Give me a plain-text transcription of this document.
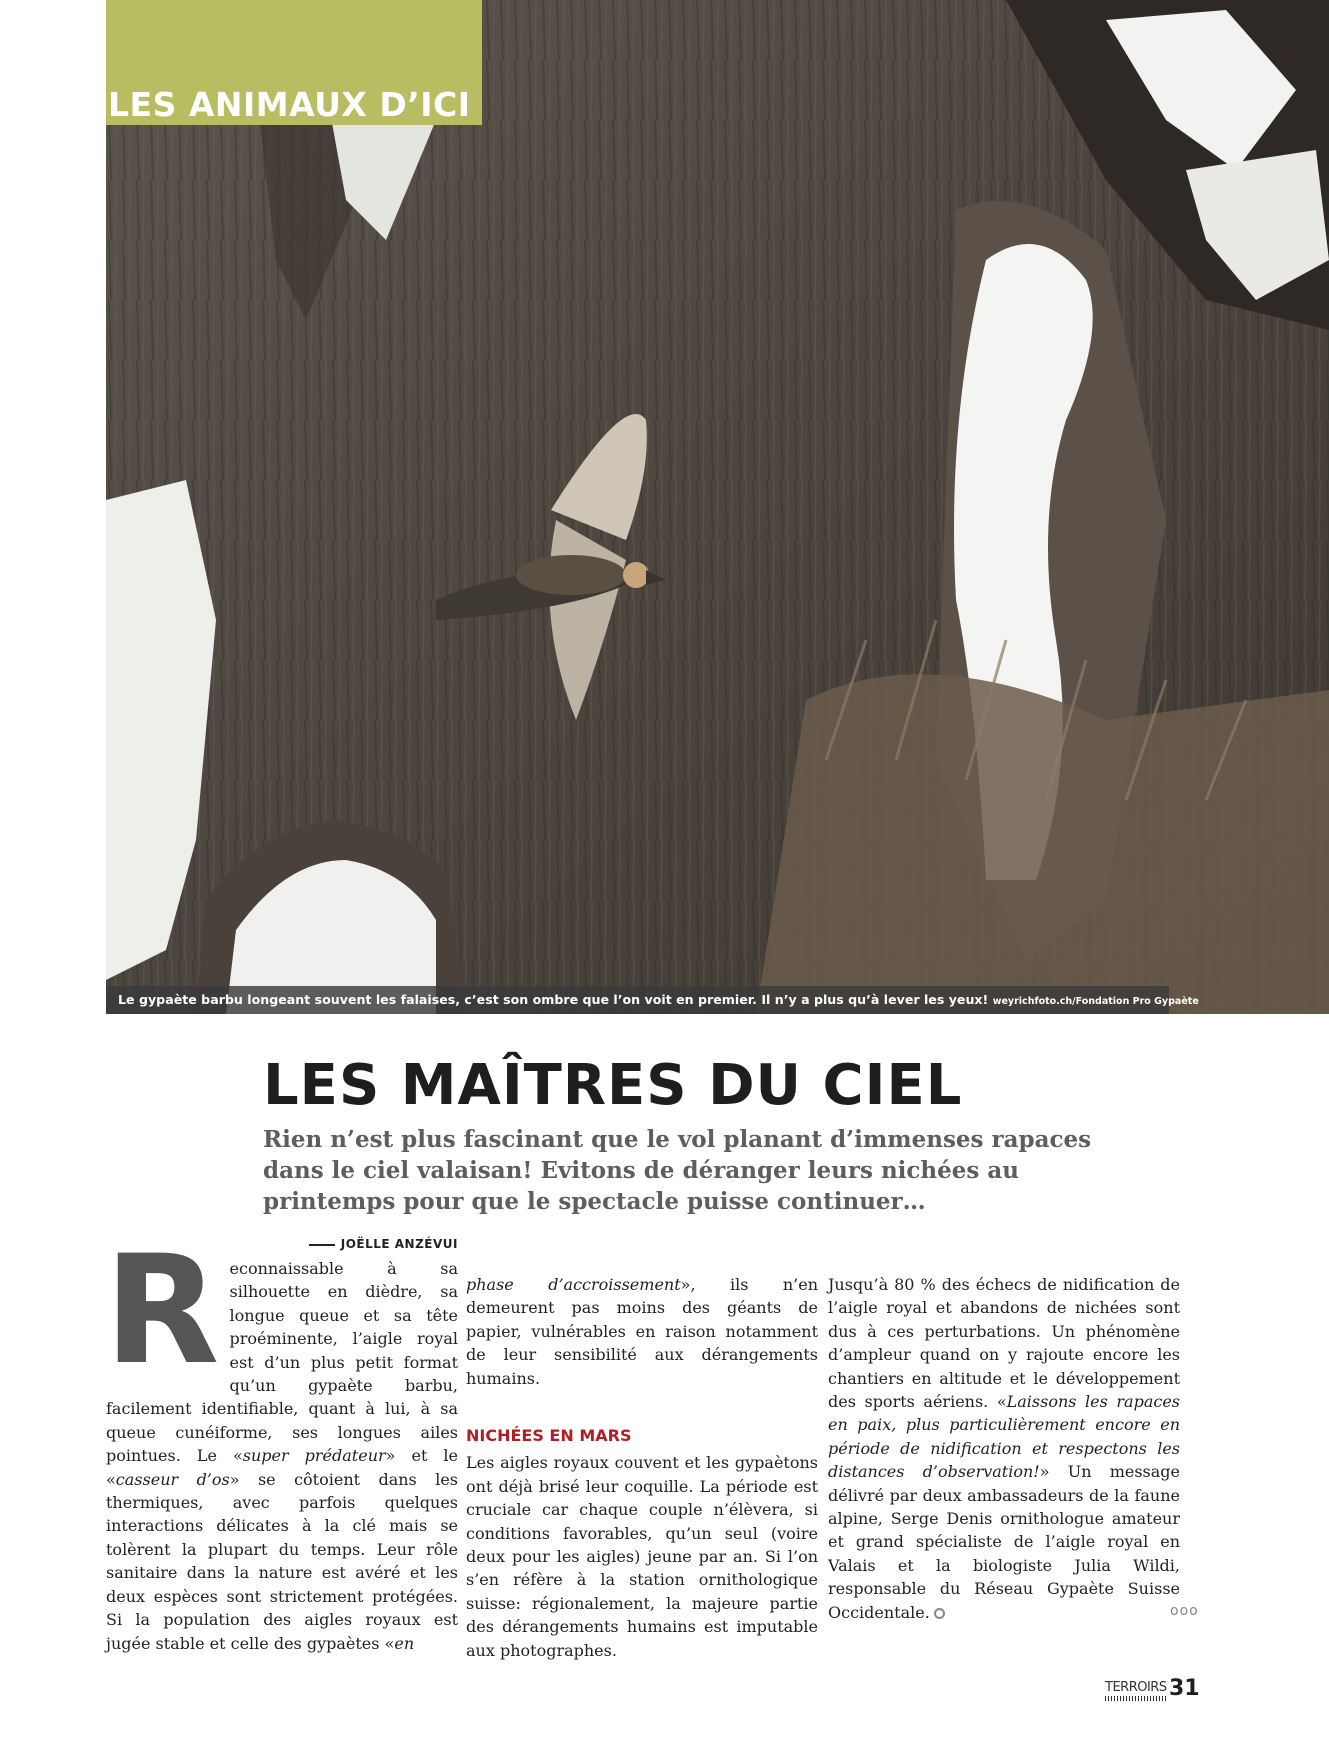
LES ANIMAUX D’ICI
Le gypaète barbu longeant souvent les falaises, c’est son ombre que l’on voit en premier. Il n’y a plus qu’à lever les yeux! weyrichfoto.ch/Fondation Pro Gypaète
LES MAÎTRES DU CIEL

Rien n’est plus fascinant que le vol planant d’immenses rapaces dans le ciel valaisan! Evitons de déranger leurs nichées au printemps pour que le spectacle puisse continuer…

JOËLLE ANZÉVUI
R econnaissable à sa silhouette en dièdre, sa longue queue et sa tête proéminente, l’aigle royal est d’un plus petit format qu’un gypaète barbu, facilement identifiable, quant à lui, à sa queue cunéiforme, ses longues ailes pointues. Le «super prédateur» et le «casseur d’os» se côtoient dans les thermiques, avec parfois quelques interactions délicates à la clé mais se tolèrent la plupart du temps. Leur rôle sanitaire dans la nature est avéré et les deux espèces sont strictement protégées. Si la population des aigles royaux est jugée stable et celle des gypaètes «en

phase d’accroissement», ils n’en demeurent pas moins des géants de papier, vulnérables en raison notamment de leur sensibilité aux dérangements humains.

NICHÉES EN MARS

Les aigles royaux couvent et les gypaètons ont déjà brisé leur coquille. La période est cruciale car chaque couple n’élèvera, si conditions favorables, qu’un seul (voire deux pour les aigles) jeune par an. Si l’on s’en réfère à la station ornithologique suisse: régionalement, la majeure partie des dérangements humains est imputable aux photographes.

Jusqu’à 80 % des échecs de nidification de l’aigle royal et abandons de nichées sont dus à ces perturbations. Un phénomène d’ampleur quand on y rajoute encore les chantiers en altitude et le développement des sports aériens. «Laissons les rapaces en paix, plus particulièrement encore en période de nidification et respectons les distances d’observation!» Un message délivré par deux ambassadeurs de la faune alpine, Serge Denis ornithologue amateur et grand spécialiste de l’aigle royal en Valais et la biologiste Julia Wildi, responsable du Réseau Gypaète Suisse Occidentale.	ooo
TERROIRS 31
